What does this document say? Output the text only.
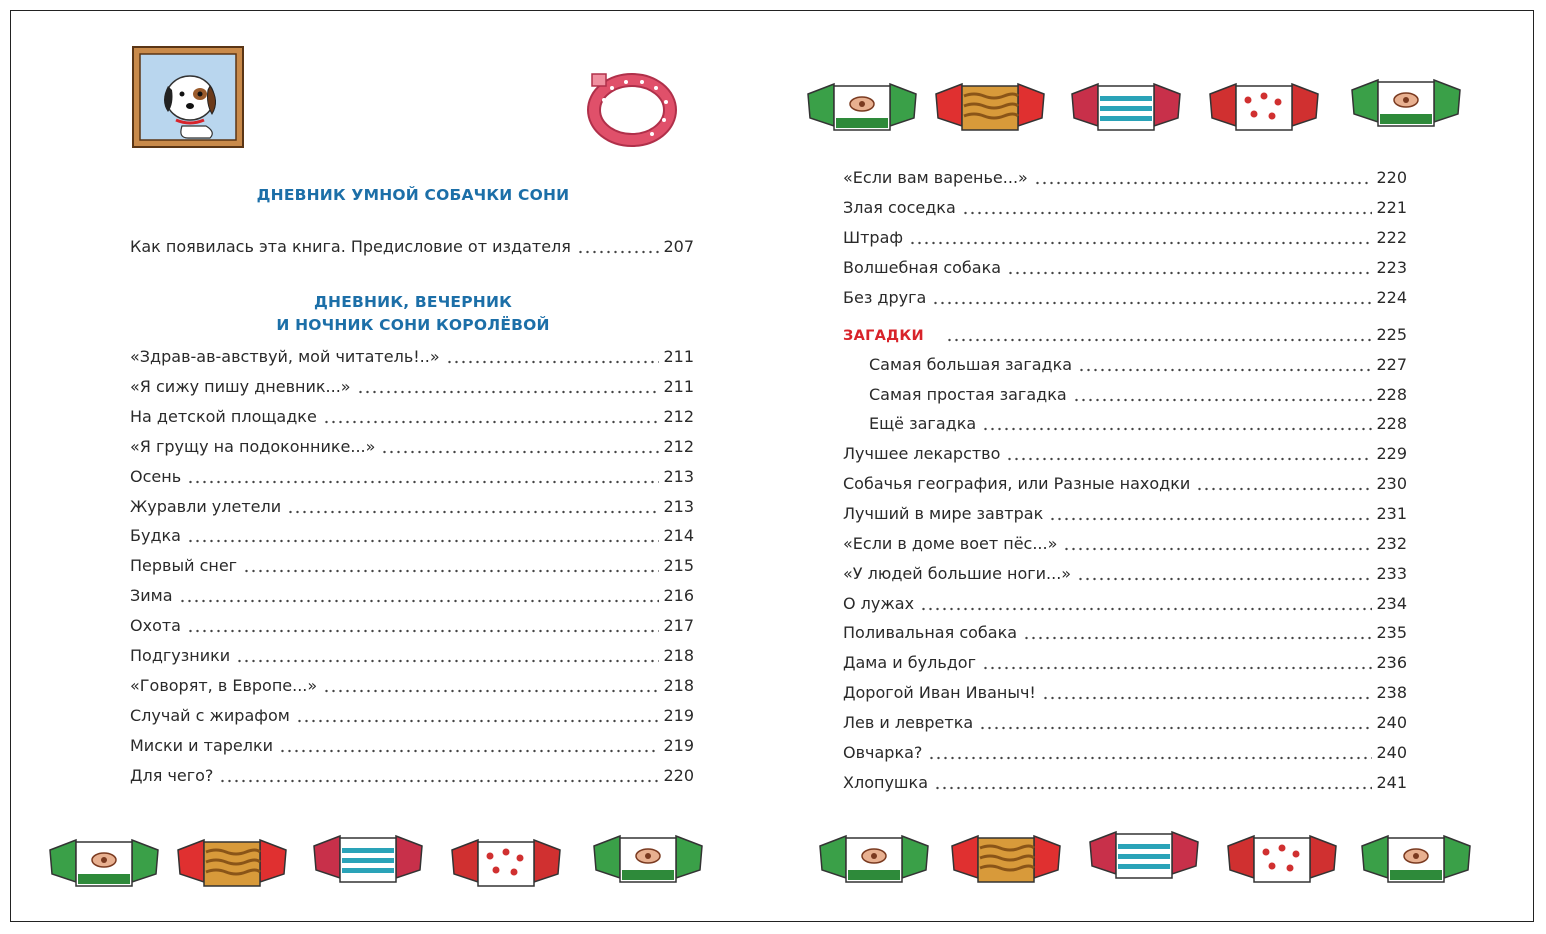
ДНЕВНИК УМНОЙ СОБАЧКИ СОНИ
Как появилась эта книга. Предисловие от издателя	207
ДНЕВНИК, ВЕЧЕРНИК
И НОЧНИК СОНИ КОРОЛЁВОЙ
«Здрав-ав-авствуй, мой читатель!..»	211
«Я сижу пишу дневник...»	211
На детской площадке	212
«Я грущу на подоконнике...»	212
Осень	213
Журавли улетели	213
Будка	214
Первый снег	215
Зима	216
Охота	217
Подгузники	218
«Говорят, в Европе...»	218
Случай с жирафом	219
Миски и тарелки	219
Для чего?	220
«Если вам варенье...»	220
Злая соседка	221
Штраф	222
Волшебная собака	223
Без друга	224
ЗАГАДКИ	225
Самая большая загадка	227
Самая простая загадка	228
Ещё загадка	228
Лучшее лекарство	229
Собачья география, или Разные находки	230
Лучший в мире завтрак	231
«Если в доме воет пёс...»	232
«У людей большие ноги...»	233
О лужах	234
Поливальная собака	235
Дама и бульдог	236
Дорогой Иван Иваныч!	238
Лев и левретка	240
Овчарка?	240
Хлопушка	241
